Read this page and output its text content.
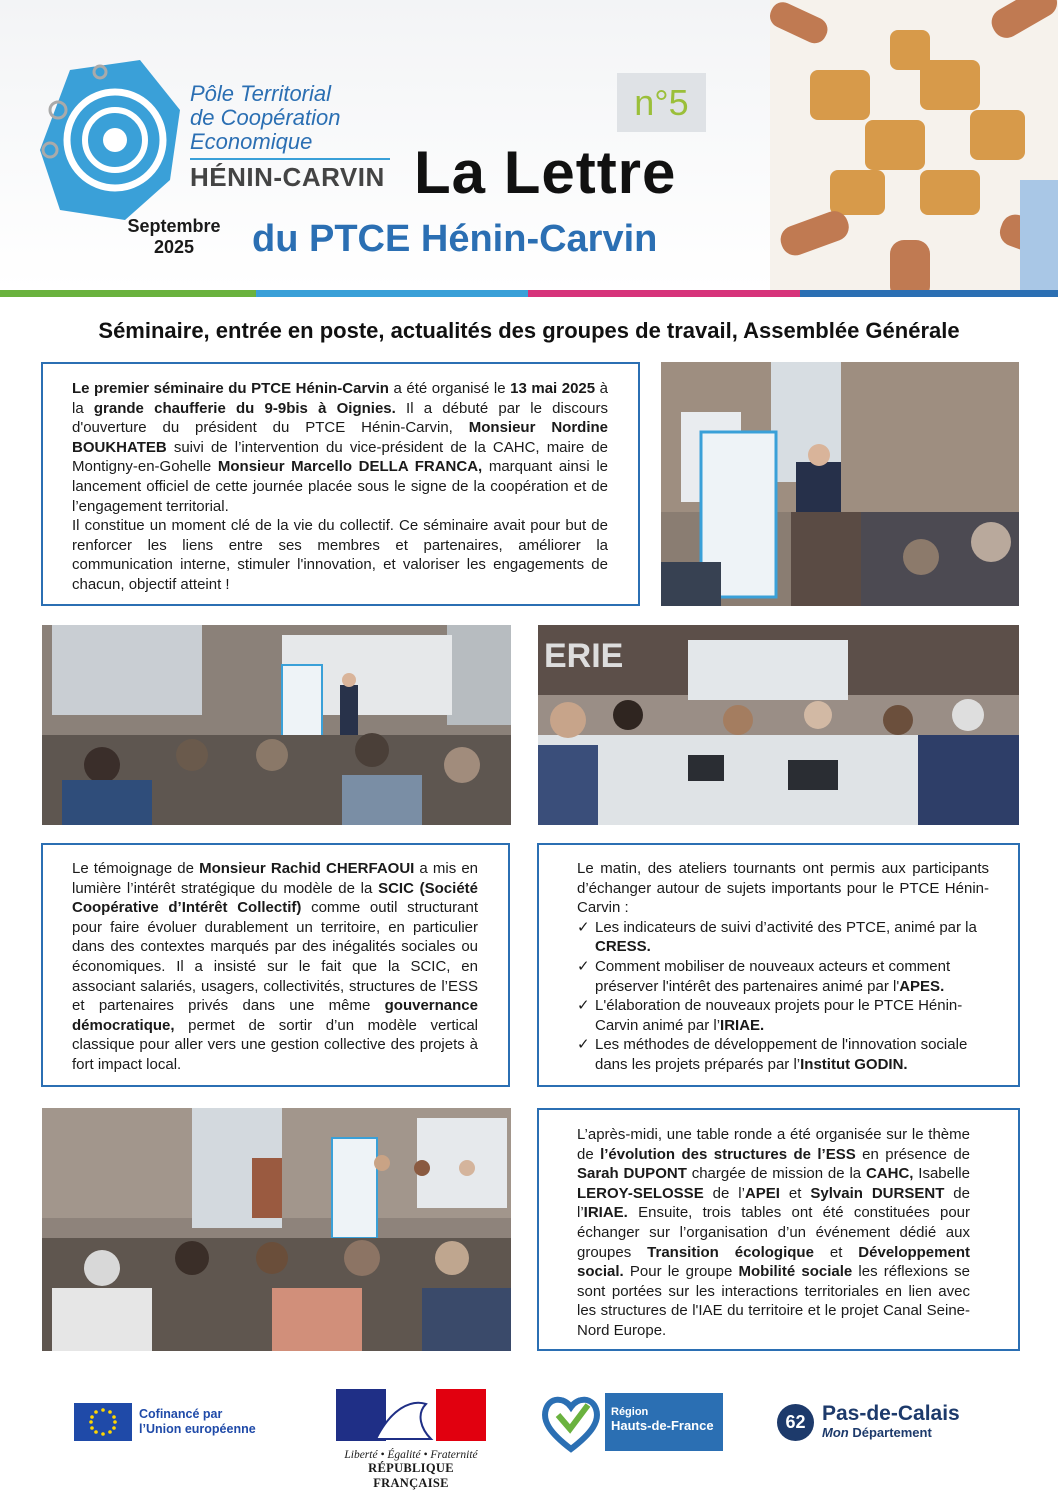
Pôle Territorial
de Coopération
Economique
HÉNIN-CARVIN
Septembre
2025
n°5
La Lettre
du PTCE Hénin-Carvin
Séminaire, entrée en poste, actualités des groupes de travail, Assemblée Générale

Le premier séminaire du PTCE Hénin-Carvin a été organisé le 13 mai 2025 à la grande chaufferie du 9-9bis à Oignies. Il a débuté par le discours d'ouverture du président du PTCE Hénin-Carvin, Monsieur Nordine BOUKHATEB suivi de l’intervention du vice-président de la CAHC, maire de Montigny-en-Gohelle Monsieur Marcello DELLA FRANCA, marquant ainsi le lancement officiel de cette journée placée sous le signe de la coopération et de l’engagement territorial.

Il constitue un moment clé de la vie du collectif. Ce séminaire avait pour but de renforcer les liens entre ses membres et partenaires, améliorer la communication interne, stimuler l'innovation, et valoriser les engagements de chacun, objectif atteint !

ERIE

Le témoignage de Monsieur Rachid CHERFAOUI a mis en lumière l’intérêt stratégique du modèle de la SCIC (Société Coopérative d’Intérêt Collectif) comme outil structurant pour faire évoluer durablement un territoire, en particulier dans des contextes marqués par des inégalités sociales ou économiques. Il a insisté sur le fait que la SCIC, en associant salariés, usagers, collectivités, structures de l’ESS et partenaires privés dans une même gouvernance démocratique, permet de sortir d’un modèle vertical classique pour aller vers une gestion collective des projets à fort impact local.

Le matin, des ateliers tournants ont permis aux participants d’échanger autour de sujets importants pour le PTCE Hénin-Carvin :

✓ Les indicateurs de suivi d’activité des PTCE, animé par la CRESS.
✓ Comment mobiliser de nouveaux acteurs et comment préserver l'intérêt des partenaires animé par l'APES.
✓ L'élaboration de nouveaux projets pour le PTCE Hénin-Carvin animé par l’IRIAE.
✓ Les méthodes de développement de l'innovation sociale dans les projets préparés par l’Institut GODIN.

L’après-midi, une table ronde a été organisée sur le thème de l’évolution des structures de l’ESS en présence de Sarah DUPONT chargée de mission de la CAHC, Isabelle LEROY-SELOSSE de l’APEI et Sylvain DURSENT de l’IRIAE. Ensuite, trois tables ont été constituées pour échanger sur l’organisation d’un événement dédié aux groupes Transition écologique et Développement social. Pour le groupe Mobilité sociale les réflexions se sont portées sur les interactions territoriales en lien avec les structures de l'IAE du territoire et le projet Canal Seine-Nord Europe.

Cofinancé par
l’Union européenne
Liberté • Égalité • Fraternité
RÉPUBLIQUE FRANÇAISE
Région
Hauts-de-France	62 Pas-de-Calais
Mon Département
